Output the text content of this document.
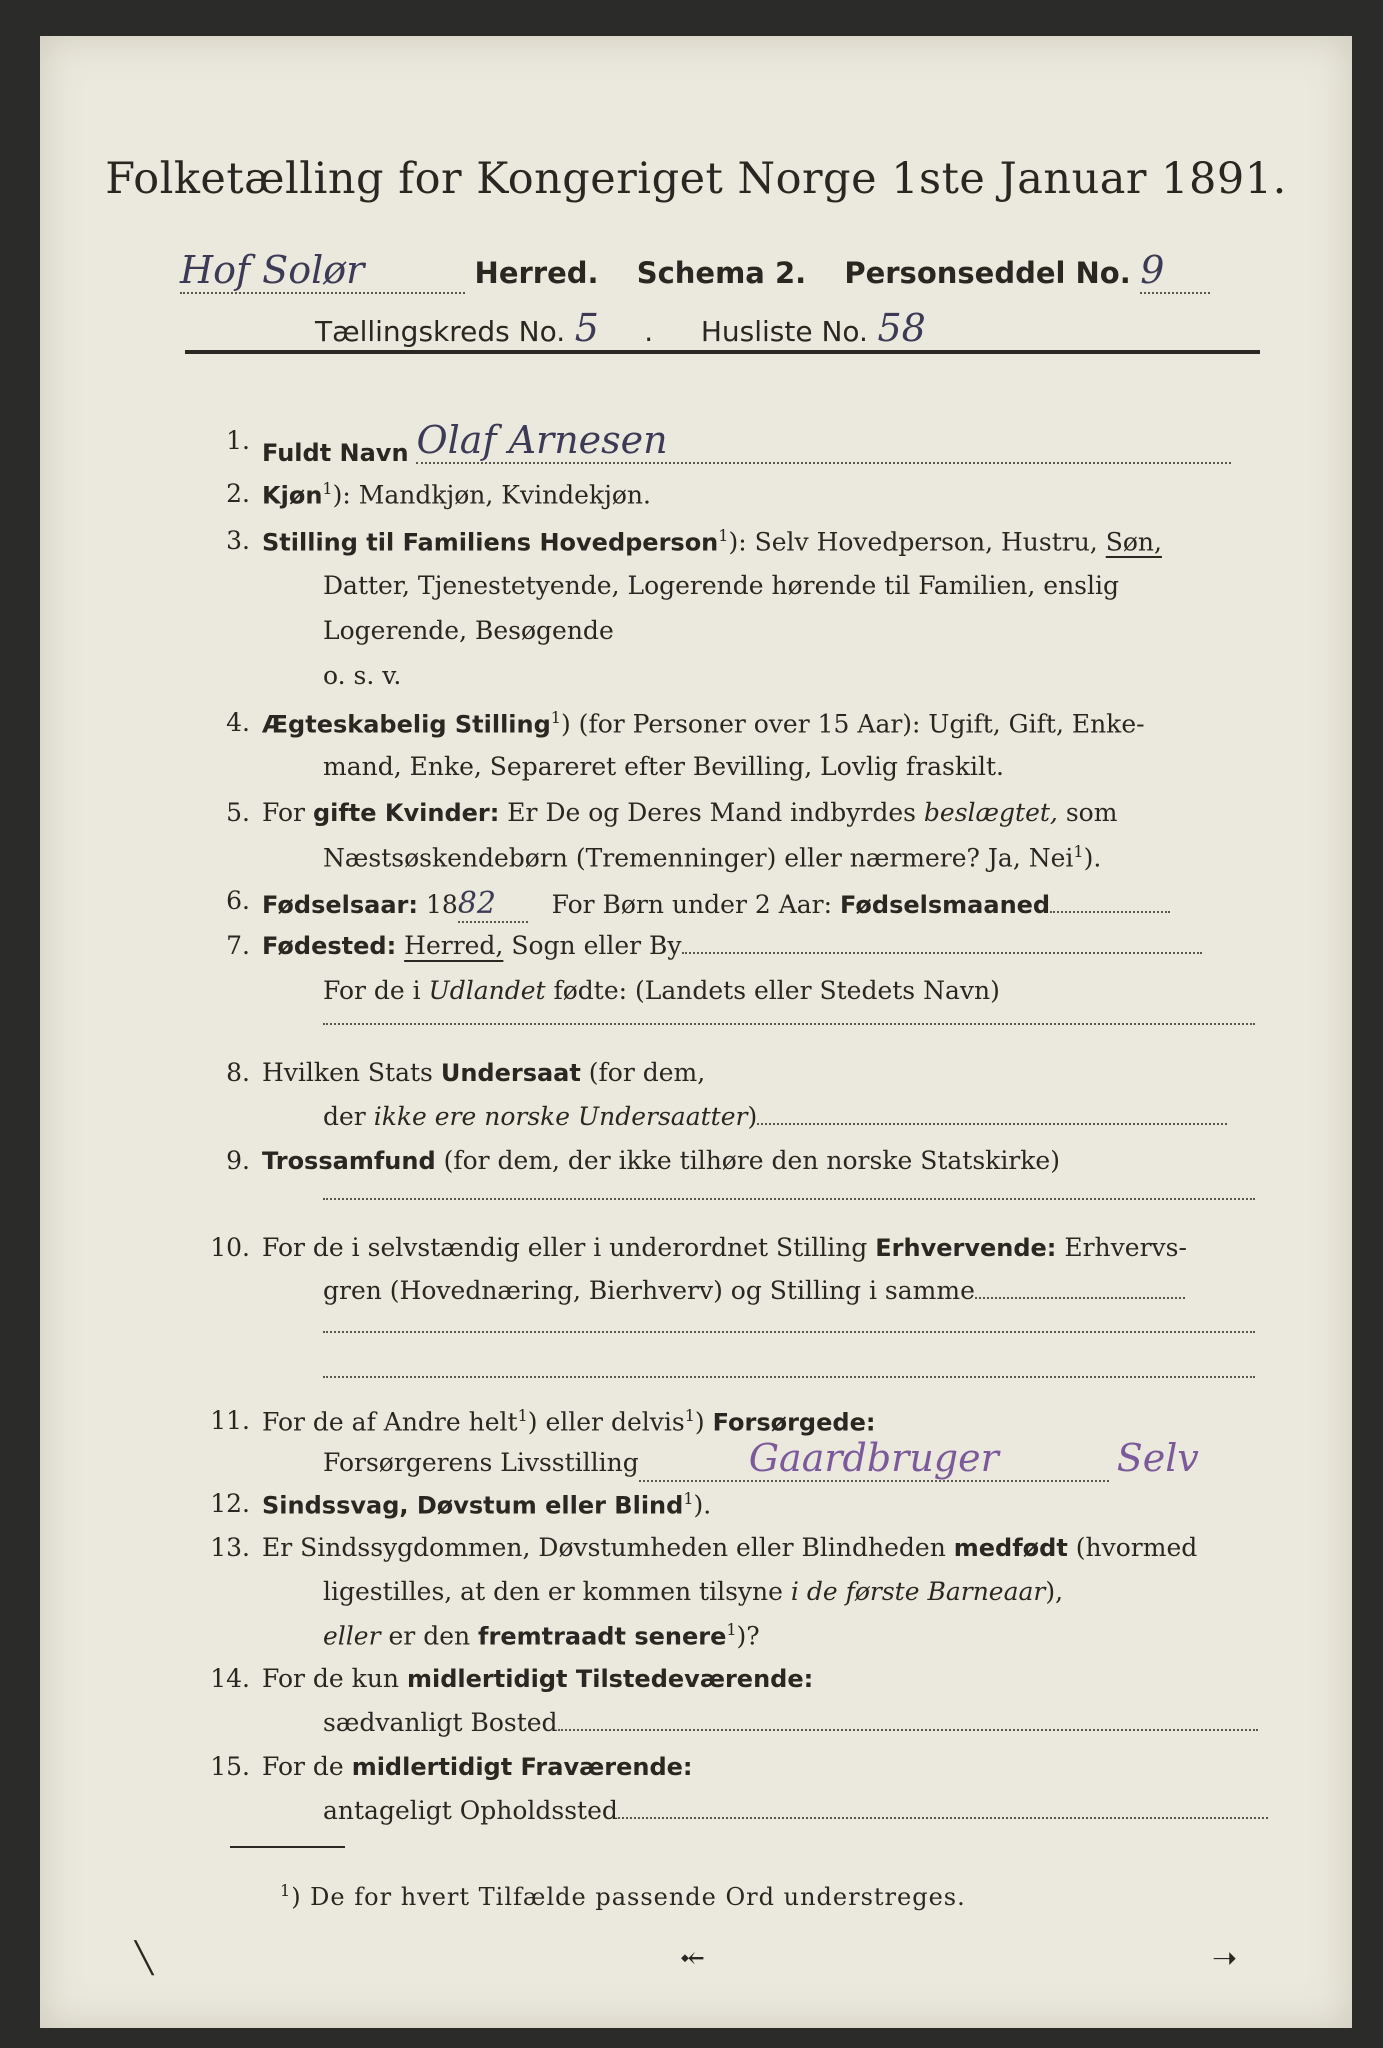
Folketælling for Kongeriget Norge 1ste Januar 1891.
Hof Solør	Herred. Schema 2. Personseddel No. 9
Tællingskreds No. 5 . Husliste No. 58
1. Fuldt Navn Olaf Arnesen
2. Kjøn$^1$): Mandkjøn, Kvindekjøn.
3. Stilling til Familiens Hovedperson$^1$): Selv Hovedperson, Hustru, Søn,
Datter, Tjenestetyende, Logerende hørende til Familien, enslig
Logerende, Besøgende
o. s. v.
4. Ægteskabelig Stilling$^1$) (for Personer over 15 Aar): Ugift, Gift, Enke-
mand, Enke, Separeret efter Bevilling, Lovlig fraskilt.
5. For gifte Kvinder: Er De og Deres Mand indbyrdes beslægtet, som
Næstsøskendebørn (Tremenninger) eller nærmere? Ja, Nei$^1$).
6. Fødselsaar: 1882 For Børn under 2 Aar: Fødselsmaaned
7. Fødested: Herred, Sogn eller By
For de i Udlandet fødte: (Landets eller Stedets Navn)
8. Hvilken Stats Undersaat (for dem,
der ikke ere norske Undersaatter)
9. Trossamfund (for dem, der ikke tilhøre den norske Statskirke)
10. For de i selvstændig eller i underordnet Stilling Erhvervende: Erhvervs-
gren (Hovednæring, Bierhverv) og Stilling i samme
11. For de af Andre helt$^1$) eller delvis$^1$) Forsørgede:
Forsørgerens Livsstilling	Gaardbruger	Selv
12. Sindssvag, Døvstum eller Blind$^1$).
13. Er Sindssygdommen, Døvstumheden eller Blindheden medfødt (hvormed
ligestilles, at den er kommen tilsyne i de første Barneaar),
eller er den fremtraadt senere$^1$)?
14. For de kun midlertidigt Tilstedeværende:
sædvanligt Bosted
15. For de midlertidigt Fraværende:
antageligt Opholdssted
$^1$) De for hvert Tilfælde passende Ord understreges.
╲	⤝	➝
